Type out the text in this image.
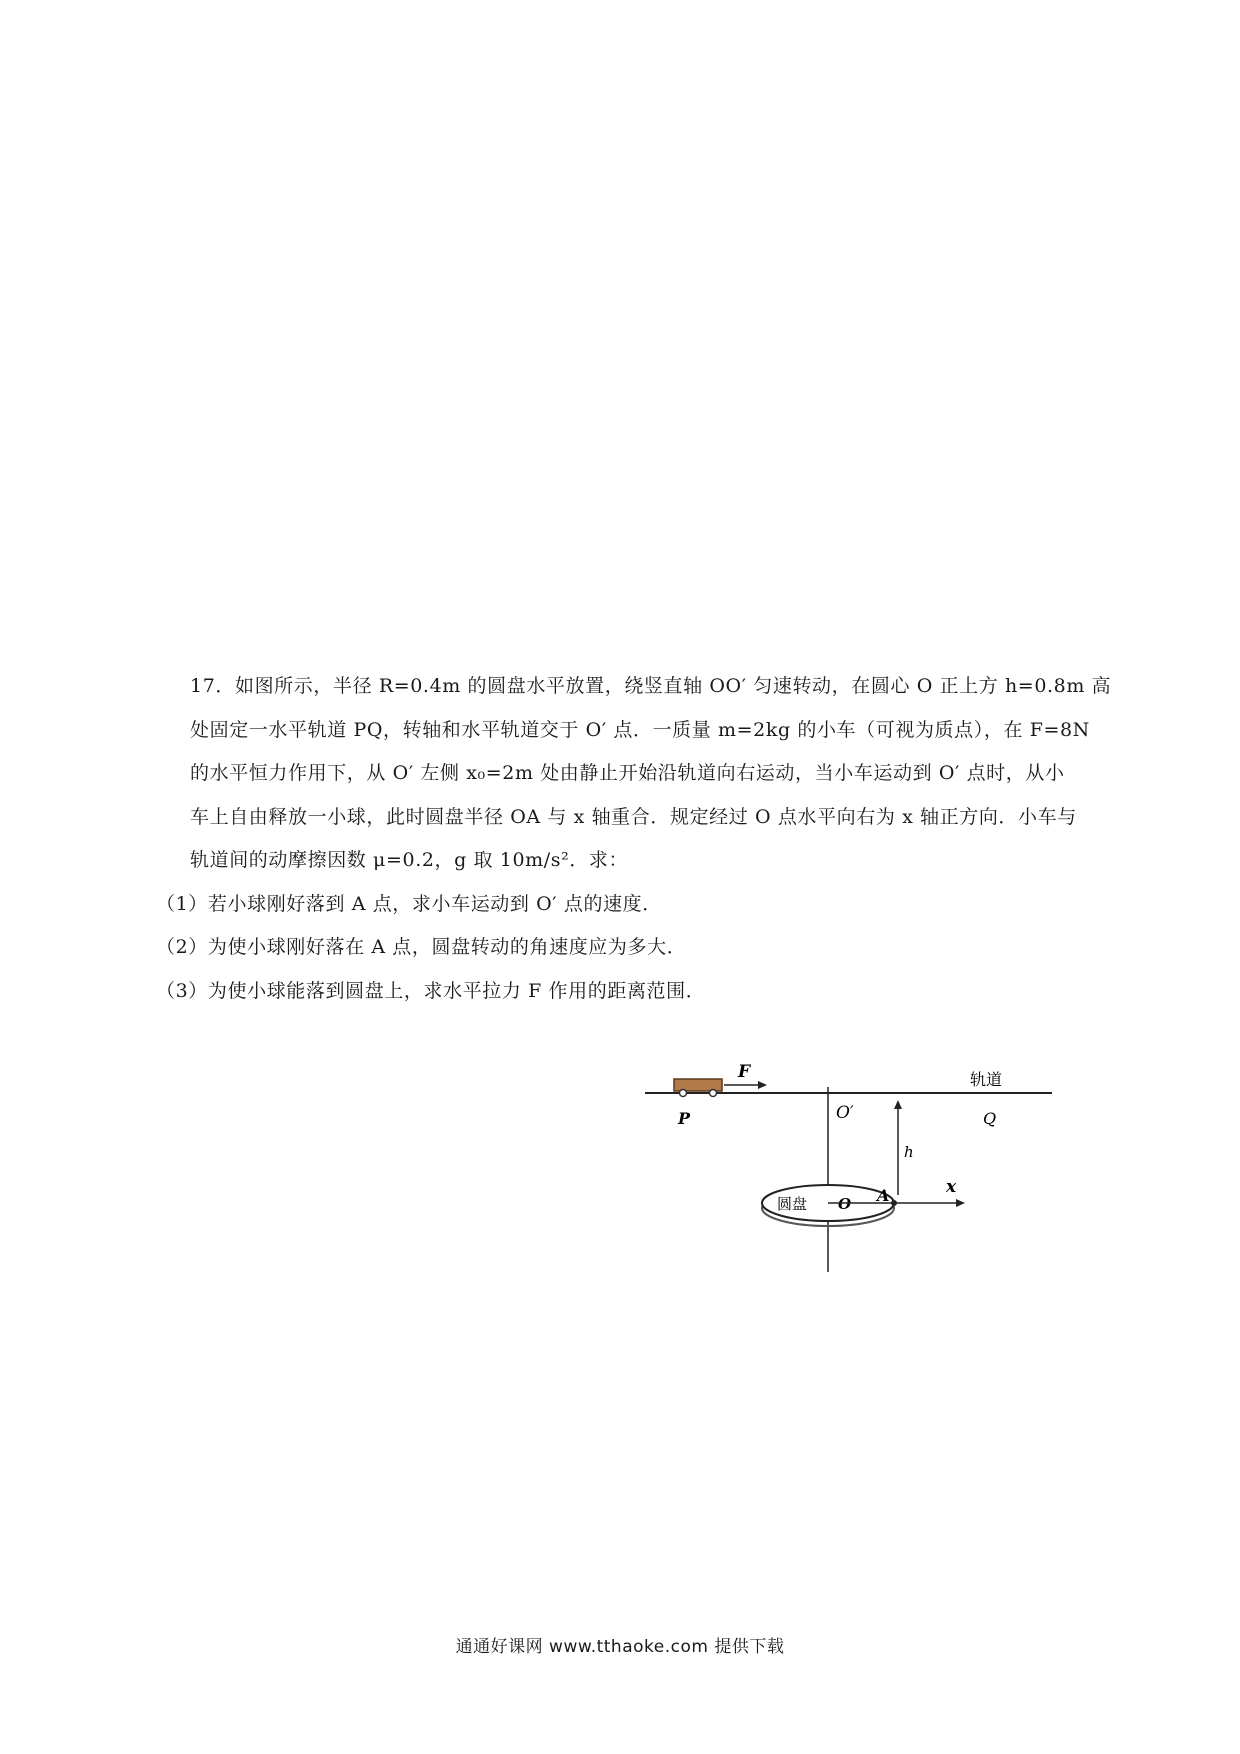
17．如图所示，半径 R=0.4m 的圆盘水平放置，绕竖直轴 OO′ 匀速转动，在圆心 O 正上方 h=0.8m 高

处固定一水平轨道 PQ，转轴和水平轨道交于 O′ 点．一质量 m=2kg 的小车（可视为质点），在 F=8N

的水平恒力作用下，从 O′ 左侧 x₀=2m 处由静止开始沿轨道向右运动，当小车运动到 O′ 点时，从小

车上自由释放一小球，此时圆盘半径 OA 与 x 轴重合．规定经过 O 点水平向右为 x 轴正方向．小车与

轨道间的动摩擦因数 μ=0.2，g 取 10m/s²．求：

（1）若小球刚好落到 A 点，求小车运动到 O′ 点的速度．

（2）为使小球刚好落在 A 点，圆盘转动的角速度应为多大．

（3）为使小球能落到圆盘上，求水平拉力 F 作用的距离范围．

F	轨道
O′
P	Q
h
圆盘 O A	x
通通好课网 www.tthaoke.com 提供下载
